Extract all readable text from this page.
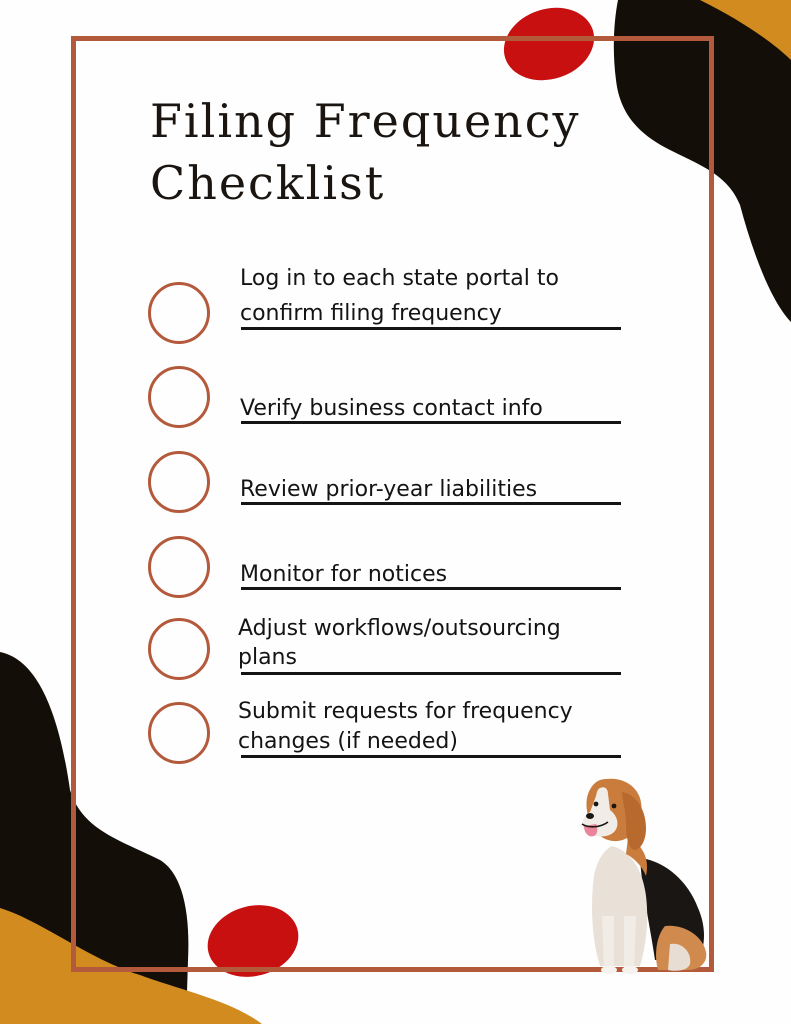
Filing Frequency
Checklist
Log in to each state portal to
confirm filing frequency
Verify business contact info
Review prior-year liabilities
Monitor for notices
Adjust workflows/outsourcing
plans
Submit requests for frequency
changes (if needed)
